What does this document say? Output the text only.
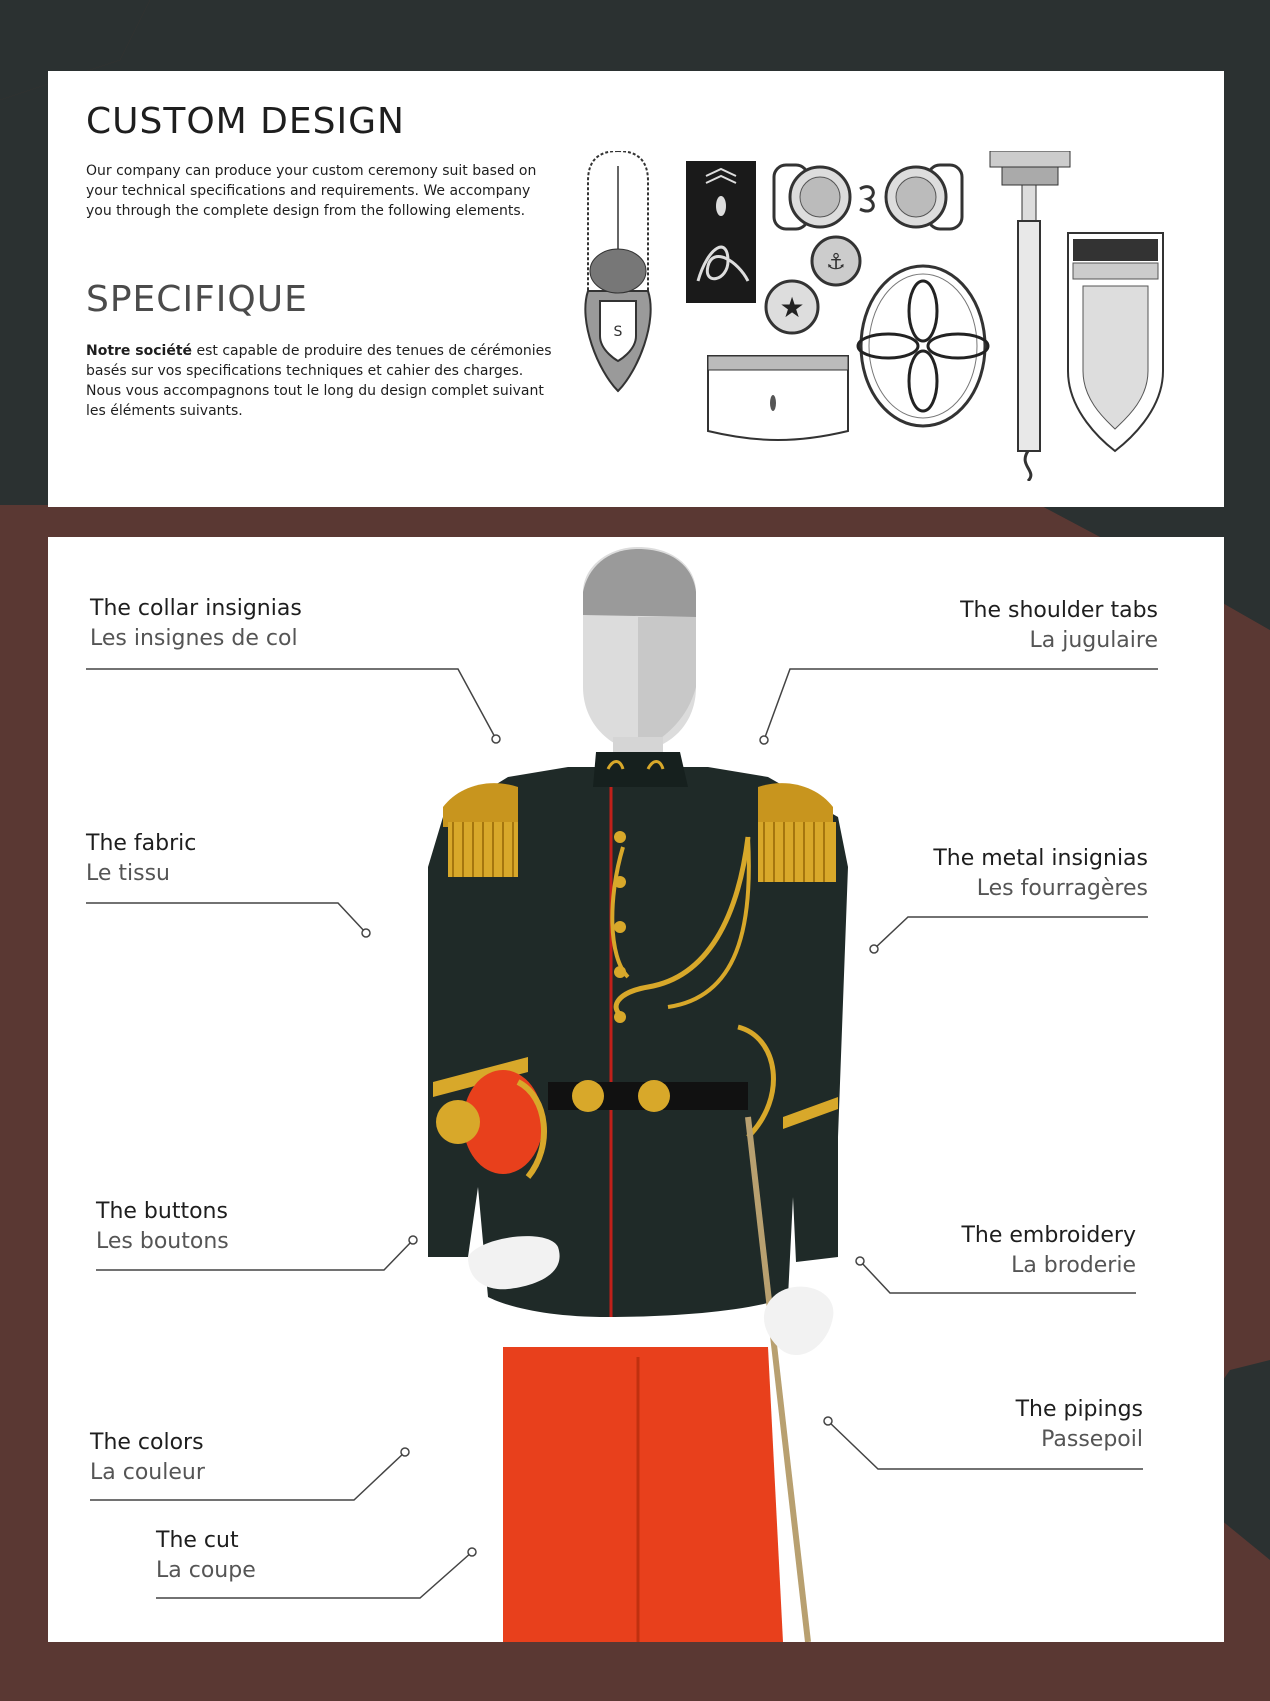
CUSTOM DESIGN

Our company can produce your custom ceremony suit based on your technical specifications and requirements. We accompany you through the complete design from the following elements.

SPECIFIQUE

Notre société est capable de produire des tenues de cérémonies basés sur vos specifications techniques et cahier des charges. Nous vous accompagnons tout le long du design complet suivant les éléments suivants.

S
⚓
★
The collar insignias
Les insignes de col
The shoulder tabs
La jugulaire
The fabric
Le tissu
The metal insignias
Les fourragères
The buttons
Les boutons	The embroidery
La broderie
The colors
La couleur
The pipings
Passepoil
The cut
La coupe
